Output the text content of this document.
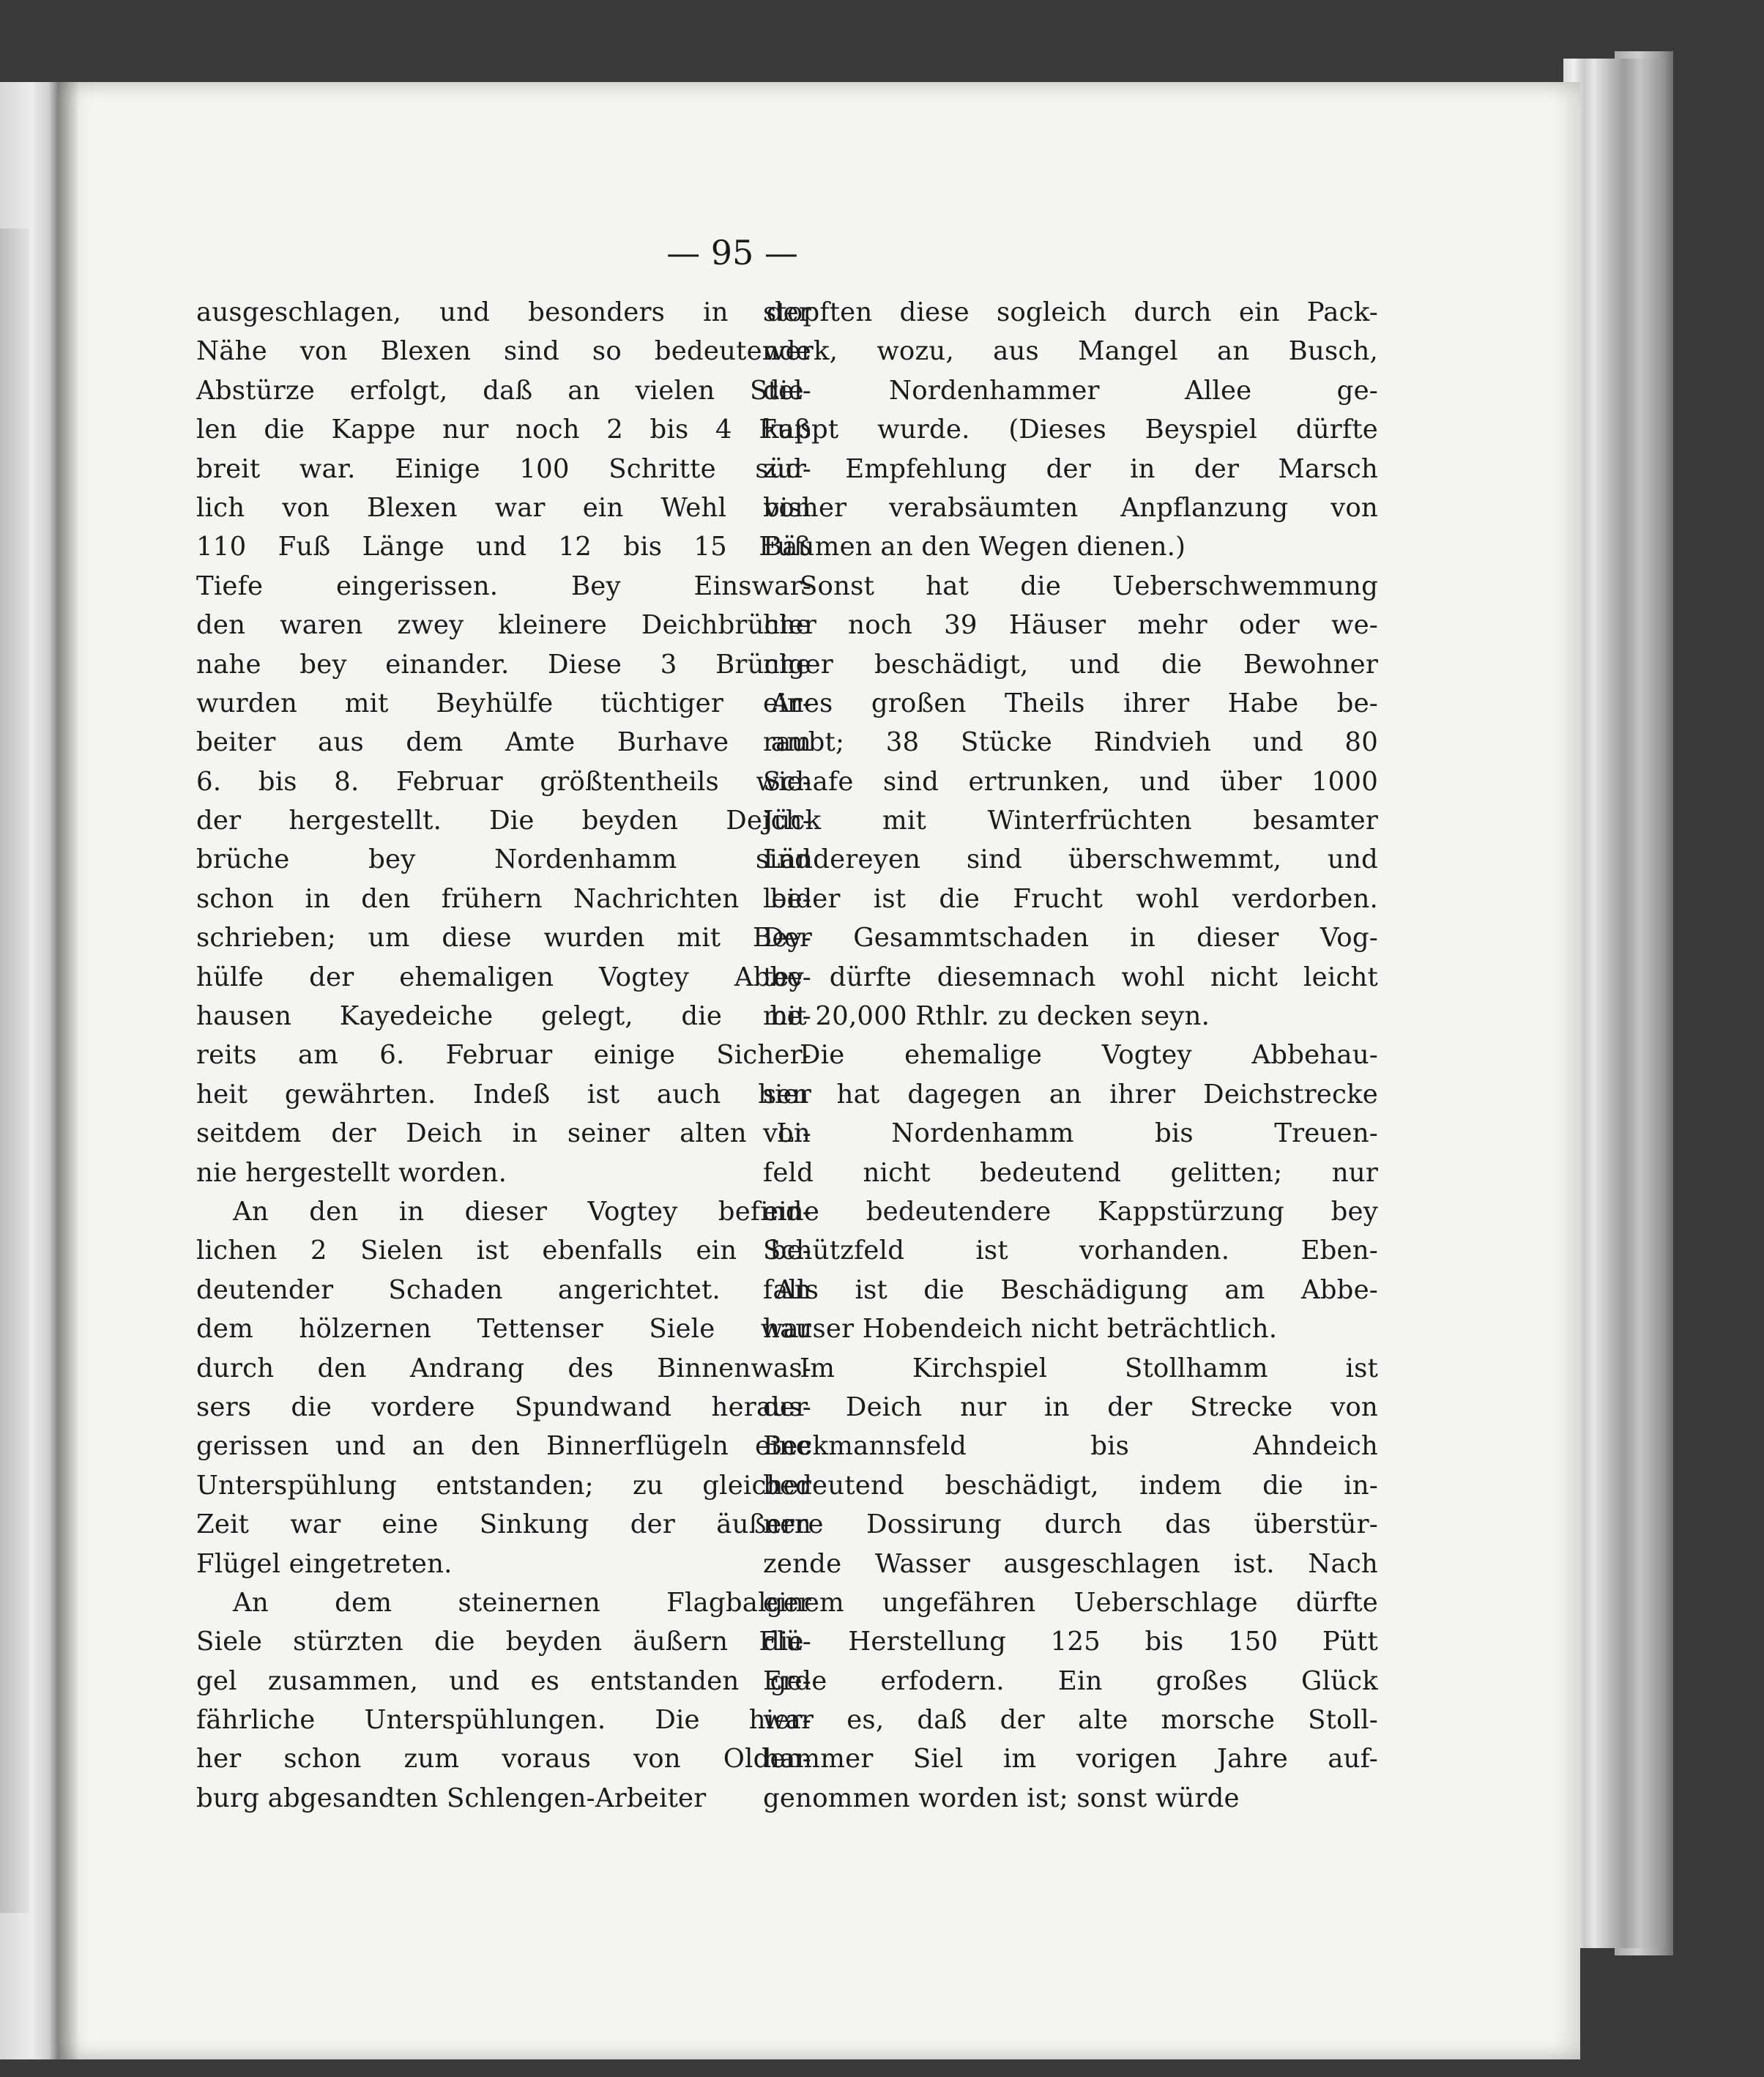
— 95 —
ausgeschlagen, und besonders in der
Nähe von Blexen sind so bedeutende
Abstürze erfolgt, daß an vielen Stel-
len die Kappe nur noch 2 bis 4 Fuß
breit war. Einige 100 Schritte süd-
lich von Blexen war ein Wehl von
110 Fuß Länge und 12 bis 15 Fuß
Tiefe eingerissen. Bey Einswar-
den waren zwey kleinere Deichbrüche
nahe bey einander. Diese 3 Brüche
wurden mit Beyhülfe tüchtiger Ar-
beiter aus dem Amte Burhave am
6. bis 8. Februar größtentheils wie-
der hergestellt. Die beyden Deich-
brüche bey Nordenhamm sind
schon in den frühern Nachrichten be-
schrieben; um diese wurden mit Bey-
hülfe der ehemaligen Vogtey Abbe-
hausen Kayedeiche gelegt, die be-
reits am 6. Februar einige Sicher-
heit gewährten. Indeß ist auch hier
seitdem der Deich in seiner alten Li-
nie hergestellt worden.
An den in dieser Vogtey befind-
lichen 2 Sielen ist ebenfalls ein be-
deutender Schaden angerichtet. An
dem hölzernen Tettenser Siele war
durch den Andrang des Binnenwas-
sers die vordere Spundwand heraus-
gerissen und an den Binnerflügeln eine
Unterspühlung entstanden; zu gleicher
Zeit war eine Sinkung der äußern
Flügel eingetreten.
An dem steinernen Flagbalger
Siele stürzten die beyden äußern Flü-
gel zusammen, und es entstanden ge-
fährliche Unterspühlungen. Die hier-
her schon zum voraus von Olden-
burg abgesandten Schlengen-Arbeiter
stopften diese sogleich durch ein Pack-
werk, wozu, aus Mangel an Busch,
die Nordenhammer Allee ge-
kappt wurde. (Dieses Beyspiel dürfte
zur Empfehlung der in der Marsch
bisher verabsäumten Anpflanzung von
Bäumen an den Wegen dienen.)
Sonst hat die Ueberschwemmung
hier noch 39 Häuser mehr oder we-
niger beschädigt, und die Bewohner
eines großen Theils ihrer Habe be-
raubt; 38 Stücke Rindvieh und 80
Schafe sind ertrunken, und über 1000
Jück mit Winterfrüchten besamter
Ländereyen sind überschwemmt, und
leider ist die Frucht wohl verdorben.
Der Gesammtschaden in dieser Vog-
tey dürfte diesemnach wohl nicht leicht
mit 20,000 Rthlr. zu decken seyn.
Die ehemalige Vogtey Abbehau-
sen hat dagegen an ihrer Deichstrecke
von Nordenhamm bis Treuen-
feld nicht bedeutend gelitten; nur
eine bedeutendere Kappstürzung bey
Schützfeld ist vorhanden. Eben-
falls ist die Beschädigung am Abbe-
hauser Hobendeich nicht beträchtlich.
Im Kirchspiel Stollhamm ist
der Deich nur in der Strecke von
Beckmannsfeld bis Ahndeich
bedeutend beschädigt, indem die in-
nere Dossirung durch das überstür-
zende Wasser ausgeschlagen ist. Nach
einem ungefähren Ueberschlage dürfte
die Herstellung 125 bis 150 Pütt
Erde erfodern. Ein großes Glück
war es, daß der alte morsche Stoll-
hammer Siel im vorigen Jahre auf-
genommen worden ist; sonst würde
